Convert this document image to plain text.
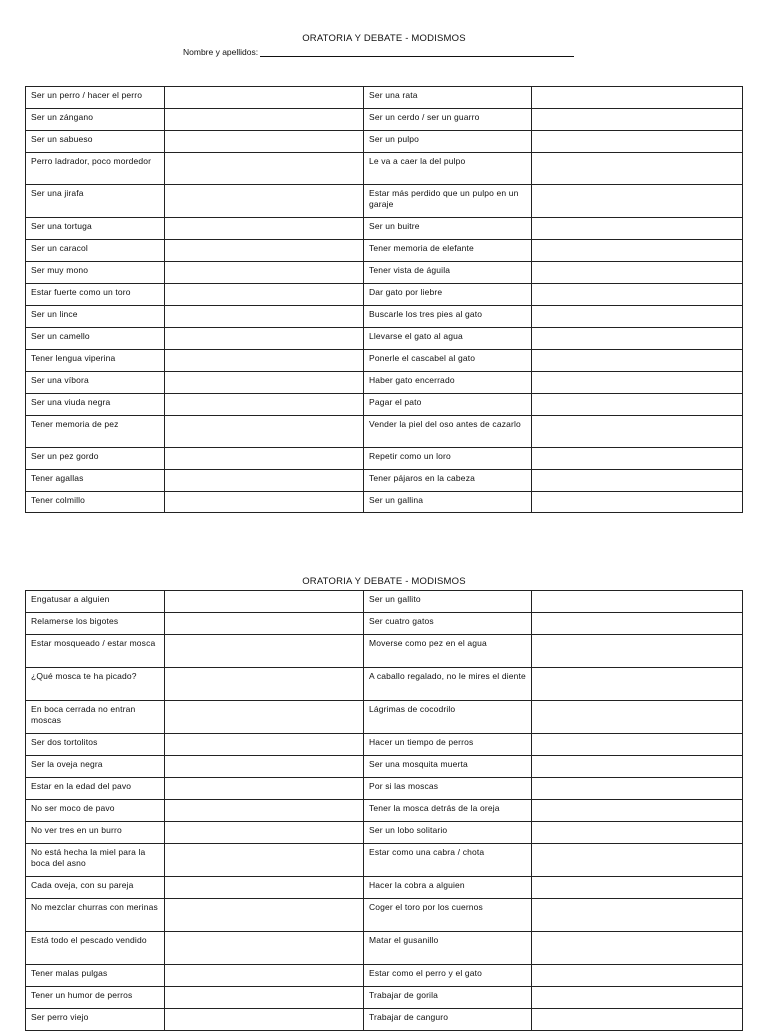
ORATORIA Y DEBATE - MODISMOS
Nombre y apellidos:
Ser un perro / hacer el perro		Ser una rata	
Ser un zángano		Ser un cerdo / ser un guarro	
Ser un sabueso		Ser un pulpo	
Perro ladrador, poco mordedor		Le va a caer la del pulpo	
Ser una jirafa		Estar más perdido que un pulpo en un garaje	
Ser una tortuga		Ser un buitre	
Ser un caracol		Tener memoria de elefante	
Ser muy mono		Tener vista de águila	
Estar fuerte como un toro		Dar gato por liebre	
Ser un lince		Buscarle los tres pies al gato	
Ser un camello		Llevarse el gato al agua	
Tener lengua viperina		Ponerle el cascabel al gato	
Ser una víbora		Haber gato encerrado	
Ser una viuda negra		Pagar el pato	
Tener memoria de pez		Vender la piel del oso antes de cazarlo	
Ser un pez gordo		Repetir como un loro	
Tener agallas		Tener pájaros en la cabeza	
Tener colmillo		Ser un gallina	
ORATORIA Y DEBATE - MODISMOS
Engatusar a alguien		Ser un gallito	
Relamerse los bigotes		Ser cuatro gatos	
Estar mosqueado / estar mosca		Moverse como pez en el agua	
¿Qué mosca te ha picado?		A caballo regalado, no le mires el diente	
En boca cerrada no entran moscas		Lágrimas de cocodrilo	
Ser dos tortolitos		Hacer un tiempo de perros	
Ser la oveja negra		Ser una mosquita muerta	
Estar en la edad del pavo		Por si las moscas	
No ser moco de pavo		Tener la mosca detrás de la oreja	
No ver tres en un burro		Ser un lobo solitario	
No está hecha la miel para la boca del asno		Estar como una cabra / chota	
Cada oveja, con su pareja		Hacer la cobra a alguien	
No mezclar churras con merinas		Coger el toro por los cuernos	
Está todo el pescado vendido		Matar el gusanillo	
Tener malas pulgas		Estar como el perro y el gato	
Tener un humor de perros		Trabajar de gorila	
Ser perro viejo		Trabajar de canguro	
